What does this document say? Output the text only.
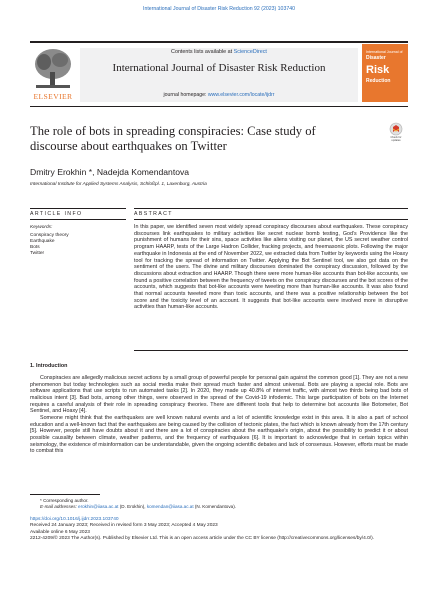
International Journal of Disaster Risk Reduction 92 (2023) 103740
ELSEVIER
Contents lists available at ScienceDirect
International Journal of Disaster Risk Reduction
journal homepage: www.elsevier.com/locate/ijdrr
International Journal of
Disaster
Risk
Reduction
The role of bots in spreading conspiracies: Case study of discourse about earthquakes on Twitter
Check for
updates
Dmitry Erokhin *, Nadejda Komendantova
International Institute for Applied Systems Analysis, Schloßpl. 1, Laxenburg, Austria
ARTICLE INFO	ABSTRACT
Keywords:
Conspiracy theory
Earthquake
Bots
Twitter
In this paper, we identified seven most widely spread conspiracy discourses about earthquakes. These conspiracy discourses link earthquakes to military activities like secret nuclear bomb testing, God’s Providence like the punishment of humans for their sins, space activities like aliens visiting our planet, the US secret weather control program HAARP, tests of the Large Hadron Collider, fracking projects, and freemasonic plots. Following the major earthquake in Indonesia at the end of November 2022, we extracted data from Twitter by keywords using the Hoaxy tool for tracking the spread of information on Twitter. Applying the Bot Sentinel tool, we also got data on the sentiment of the users. The divine and military discourses dominated the conspiracy discussion, followed by the discussions about extraction and HAARP. Though there were more human-like accounts than bot-like accounts, we found a positive correlation between the frequency of tweets on the conspiracy discourses and the bot scores of the accounts, which suggests that bot-like accounts were tweeting more than human-like accounts. It was also found that normal accounts tweeted more than toxic accounts, and there was a positive relationship between the bot score and the toxicity level of an account. It suggests that bot-like accounts were involved more in disruptive activities than human-like accounts.
1. Introduction

Conspiracies are allegedly malicious secret actions by a small group of powerful people for personal gain against the common good [1]. They are not a new phenomenon but today technologies such as social media make their spread much faster and almost universal. Bots are playing a special role. Bots are software applications that use scripts to run automated tasks [2]. In 2020, they made up 40.8% of internet traffic, with almost two thirds being bad bots of malicious intent [3]. Bad bots, among other things, were observed in the spread of the Covid-19 infodemic. This large participation of bots on the Internet requires a careful analysis of their role in spreading conspiracy theories. There are different tools that help to determine bot accounts like Botometer, Bot Sentinel, and Hoaxy [4].

Someone might think that the earthquakes are well known natural events and a lot of scientific knowledge exist in this area. It is also a part of school education and a well-known fact that the earthquakes are being caused by the collision of tectonic plates, the fact which is known already from the 17th century [5]. However, people still have doubts about it and there are a lot of conspiracies about the earthquake’s origin, about the possibility to predict it or about possible causality between climate, weather patterns, and the frequency of earthquakes [6]. It is important to acknowledge that in certain topics within seismology, the existence of misinformation can be understandable, given the ongoing scientific debates and lack of consensus. However, efforts must be made to combat this

* Corresponding author.
E-mail addresses: erokhin@iiasa.ac.at (D. Erokhin), komendan@iiasa.ac.at (N. Komendantova).
https://doi.org/10.1016/j.ijdrr.2023.103740
Received 24 January 2023; Received in revised form 3 May 2023; Accepted 4 May 2023
Available online 6 May 2023
2212-4209/© 2023 The Author(s). Published by Elsevier Ltd. This is an open access article under the CC BY license (http://creativecommons.org/licenses/by/4.0/).
